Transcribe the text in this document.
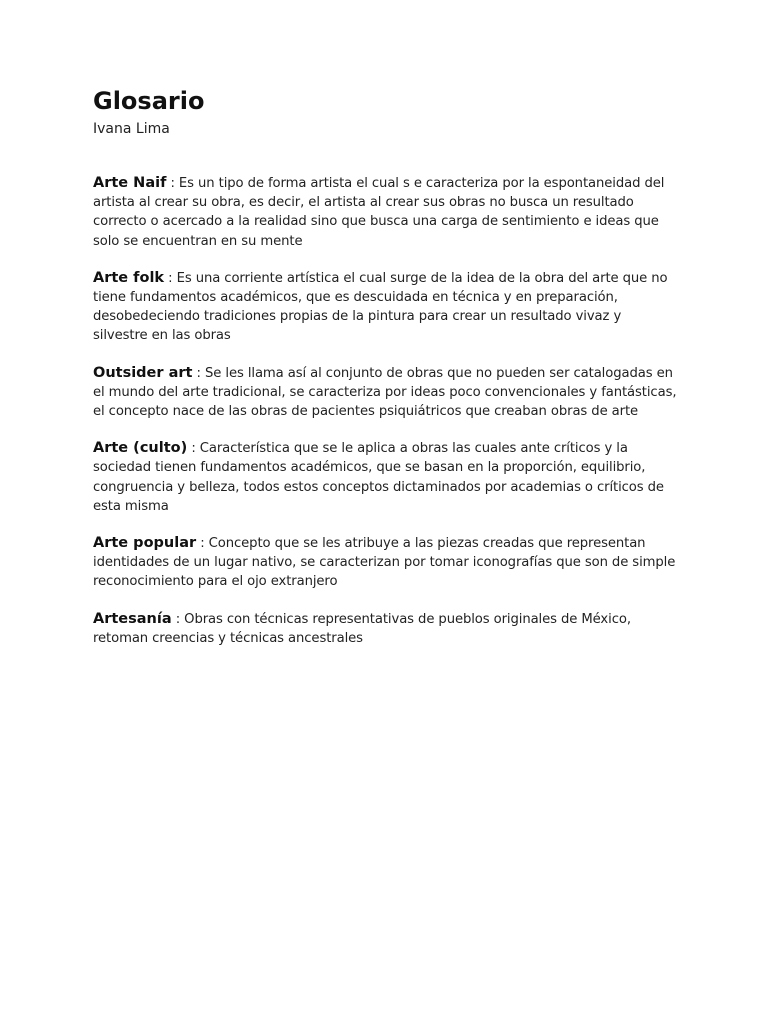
Glosario

Ivana Lima

Arte Naif : Es un tipo de forma artista el cual s e caracteriza por la espontaneidad del artista al crear su obra, es decir, el artista al crear sus obras no busca un resultado correcto o acercado a la realidad sino que busca una carga de sentimiento e ideas que solo se encuentran en su mente

Arte folk : Es una corriente artística el cual surge de la idea de la obra del arte que no tiene fundamentos académicos, que es descuidada en técnica y en preparación, desobedeciendo tradiciones propias de la pintura para crear un resultado vivaz y silvestre en las obras

Outsider art : Se les llama así al conjunto de obras que no pueden ser catalogadas en el mundo del arte tradicional, se caracteriza por ideas poco convencionales y fantásticas, el concepto nace de las obras de pacientes psiquiátricos que creaban obras de arte

Arte (culto) : Característica que se le aplica a obras las cuales ante críticos y la sociedad tienen fundamentos académicos, que se basan en la proporción, equilibrio, congruencia y belleza, todos estos conceptos dictaminados por academias o críticos de esta misma

Arte popular : Concepto que se les atribuye a las piezas creadas que representan identidades de un lugar nativo, se caracterizan por tomar iconografías que son de simple reconocimiento para el ojo extranjero

Artesanía : Obras con técnicas representativas de pueblos originales de México, retoman creencias y técnicas ancestrales
